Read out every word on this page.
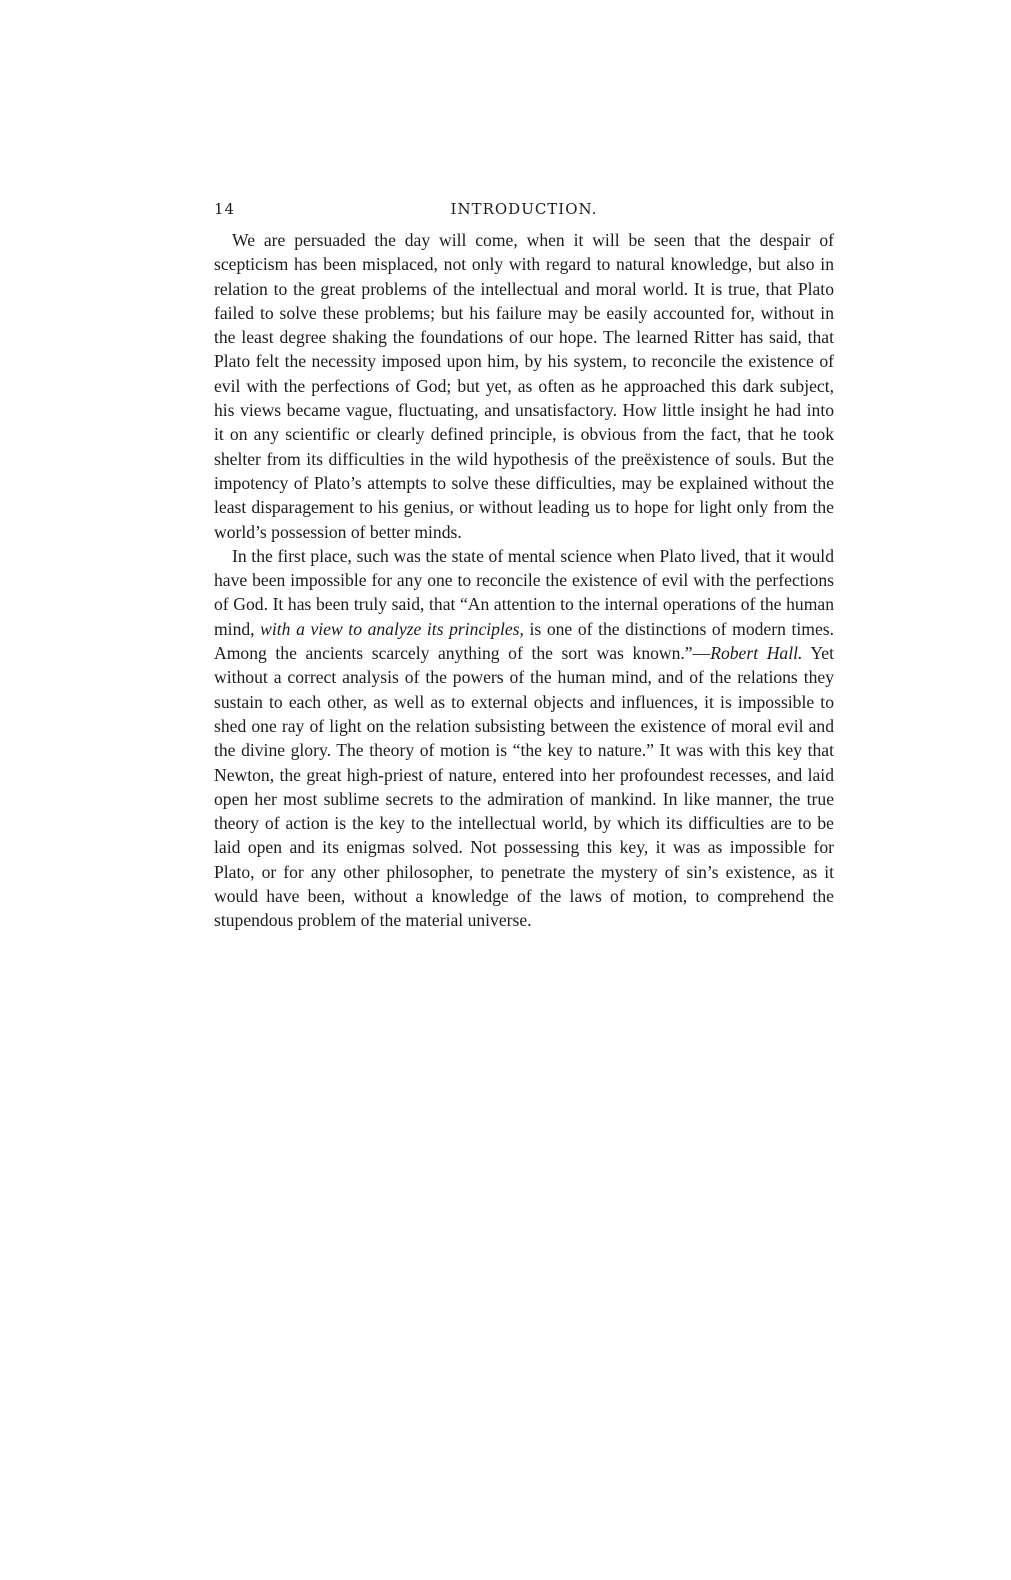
14	INTRODUCTION.

We are persuaded the day will come, when it will be seen that the despair of scepticism has been misplaced, not only with regard to natural knowledge, but also in relation to the great problems of the intellectual and moral world. It is true, that Plato failed to solve these problems; but his failure may be easily accounted for, without in the least degree shaking the foundations of our hope. The learned Ritter has said, that Plato felt the necessity imposed upon him, by his system, to reconcile the existence of evil with the perfections of God; but yet, as often as he approached this dark subject, his views became vague, fluctuating, and unsatisfactory. How little insight he had into it on any scientific or clearly defined principle, is obvious from the fact, that he took shelter from its difficulties in the wild hypothesis of the preëxistence of souls. But the impotency of Plato’s attempts to solve these difficulties, may be explained without the least disparagement to his genius, or without leading us to hope for light only from the world’s possession of better minds.

In the first place, such was the state of mental science when Plato lived, that it would have been impossible for any one to reconcile the existence of evil with the perfections of God. It has been truly said, that “An attention to the internal operations of the human mind, with a view to analyze its principles, is one of the distinctions of modern times. Among the ancients scarcely anything of the sort was known.”—Robert Hall. Yet without a correct analysis of the powers of the human mind, and of the relations they sustain to each other, as well as to external objects and influences, it is impossible to shed one ray of light on the relation subsisting between the existence of moral evil and the divine glory. The theory of motion is “the key to nature.” It was with this key that Newton, the great high-priest of nature, entered into her profoundest recesses, and laid open her most sublime secrets to the admiration of mankind. In like manner, the true theory of action is the key to the intellectual world, by which its difficulties are to be laid open and its enigmas solved. Not possessing this key, it was as impossible for Plato, or for any other philosopher, to penetrate the mystery of sin’s existence, as it would have been, without a knowledge of the laws of motion, to comprehend the stupendous problem of the material universe.
